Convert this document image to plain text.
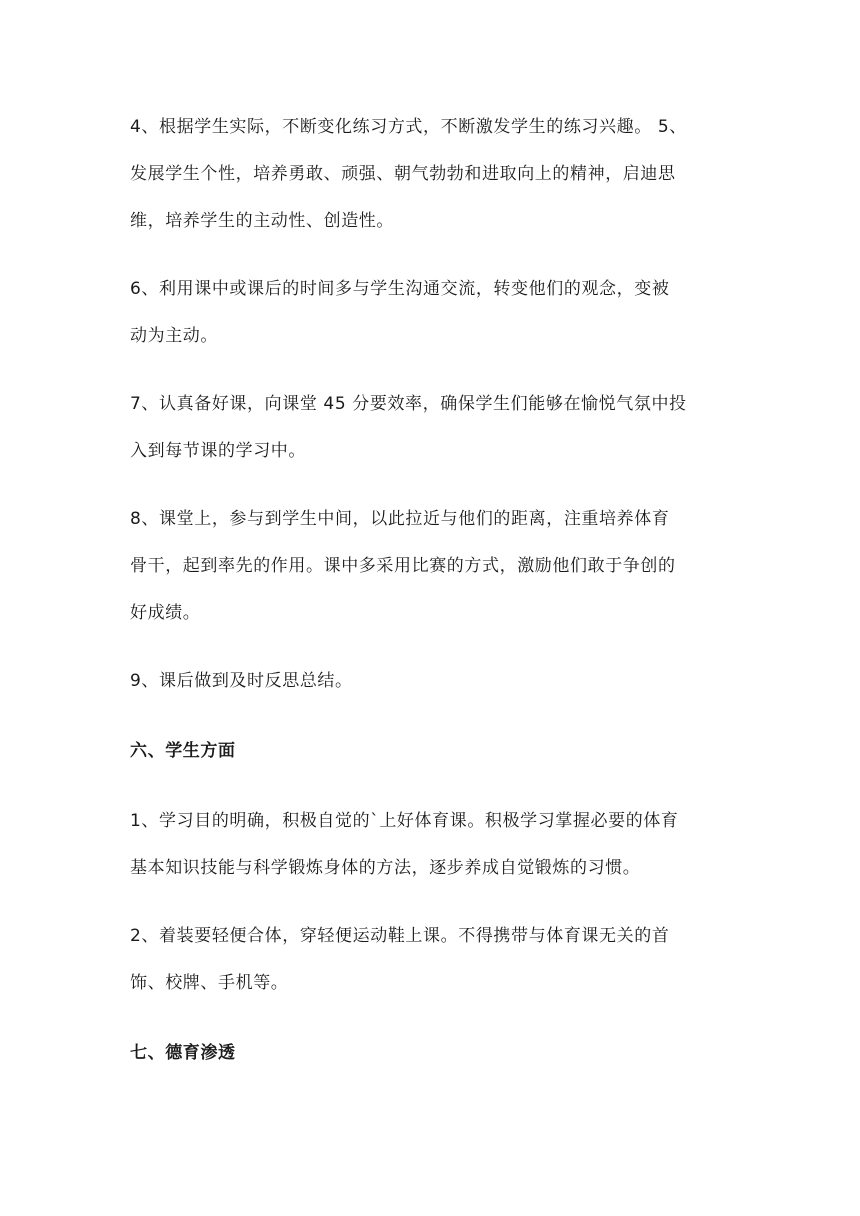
4、根据学生实际，不断变化练习方式，不断激发学生的练习兴趣。 5、
发展学生个性，培养勇敢、顽强、朝气勃勃和进取向上的精神，启迪思
维，培养学生的主动性、创造性。

6、利用课中或课后的时间多与学生沟通交流，转变他们的观念，变被
动为主动。

7、认真备好课，向课堂 45 分要效率，确保学生们能够在愉悦气氛中投
入到每节课的学习中。

8、课堂上，参与到学生中间，以此拉近与他们的距离，注重培养体育
骨干，起到率先的作用。课中多采用比赛的方式，激励他们敢于争创的
好成绩。

9、课后做到及时反思总结。

六、学生方面

1、学习目的明确，积极自觉的`上好体育课。积极学习掌握必要的体育
基本知识技能与科学锻炼身体的方法，逐步养成自觉锻炼的习惯。

2、着装要轻便合体，穿轻便运动鞋上课。不得携带与体育课无关的首
饰、校牌、手机等。

七、德育渗透
